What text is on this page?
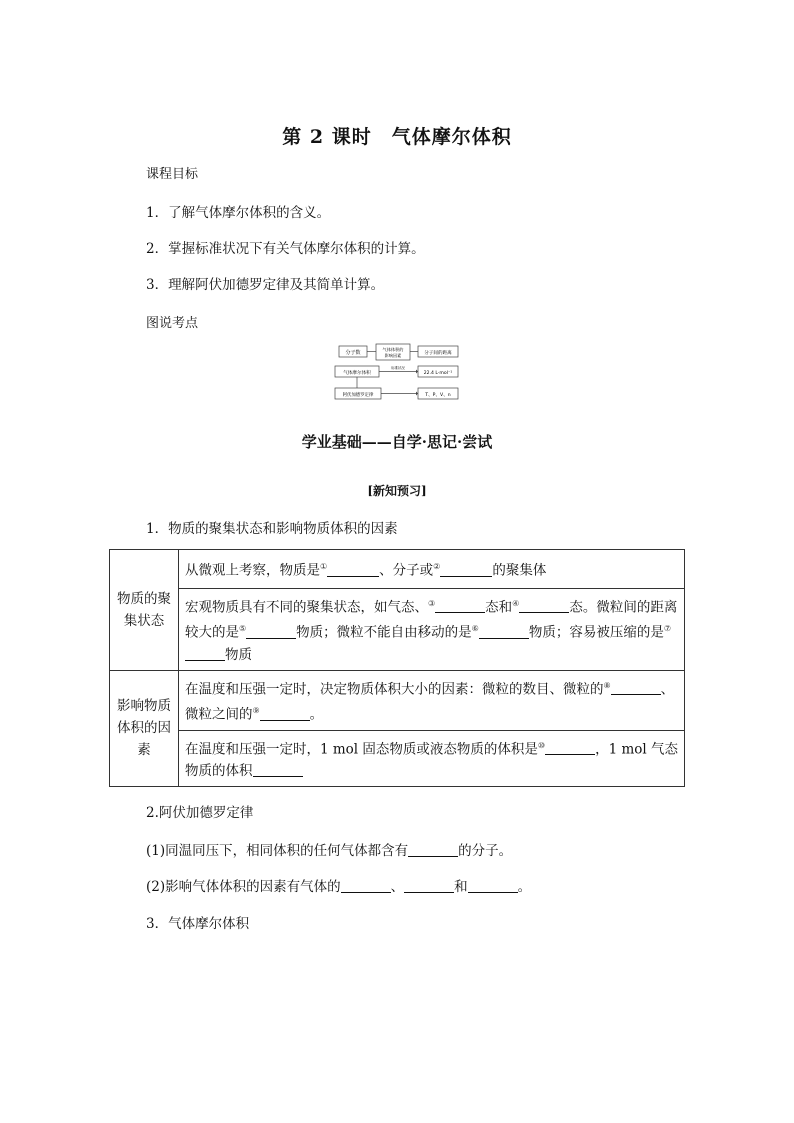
第 2 课时　气体摩尔体积
课程目标
1．了解气体摩尔体积的含义。
2．掌握标准状况下有关气体摩尔体积的计算。
3．理解阿伏加德罗定律及其简单计算。
图说考点
分子数
气体体积的
影响因素	分子间的距离
气体摩尔体积
标准状况
22.4 L·mol⁻¹
阿伏加德罗定律	T、P、V、n
学业基础——自学·思记·尝试
[新知预习]
1．物质的聚集状态和影响物质体积的因素
物质的聚集状态	从微观上考察，物质是① 、分子或② 的聚集体
	宏观物质具有不同的聚集状态，如气态、③ 态和④ 态。微粒间的距离较大的是⑤ 物质；微粒不能自由移动的是⑥ 物质；容易被压缩的是⑦物质
影响物质体积的因素	在温度和压强一定时，决定物质体积大小的因素：微粒的数目、微粒的⑧ 、微粒之间的⑨ 。
	在温度和压强一定时，1 mol 固态物质或液态物质的体积是⑩ ，1 mol 气态物质的体积
2.阿伏加德罗定律
(1)同温同压下，相同体积的任何气体都含有	的分子。
(2)影响气体体积的因素有气体的	、	和	。
3．气体摩尔体积
